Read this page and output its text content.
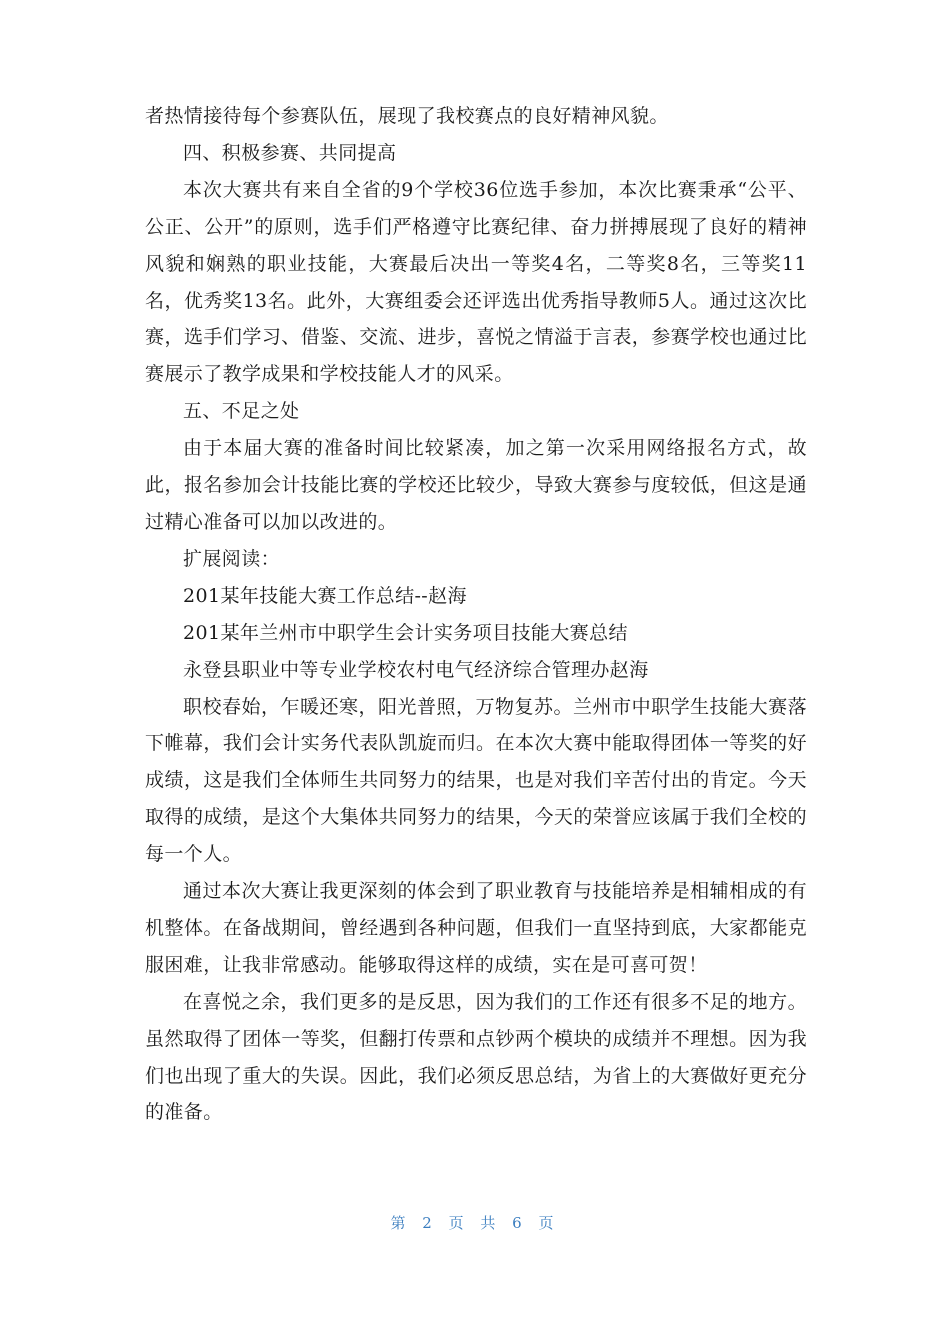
者热情接待每个参赛队伍，展现了我校赛点的良好精神风貌。

四、积极参赛、共同提高

本次大赛共有来自全省的9个学校36位选手参加，本次比赛秉承“公平、公正、公开”的原则，选手们严格遵守比赛纪律、奋力拼搏展现了良好的精神风貌和娴熟的职业技能，大赛最后决出一等奖4名，二等奖8名，三等奖11名，优秀奖13名。此外，大赛组委会还评选出优秀指导教师5人。通过这次比赛，选手们学习、借鉴、交流、进步，喜悦之情溢于言表，参赛学校也通过比赛展示了教学成果和学校技能人才的风采。

五、不足之处

由于本届大赛的准备时间比较紧凑，加之第一次采用网络报名方式，故此，报名参加会计技能比赛的学校还比较少，导致大赛参与度较低，但这是通过精心准备可以加以改进的。

扩展阅读：

201某年技能大赛工作总结--赵海

201某年兰州市中职学生会计实务项目技能大赛总结

永登县职业中等专业学校农村电气经济综合管理办赵海

职校春始，乍暖还寒，阳光普照，万物复苏。兰州市中职学生技能大赛落下帷幕，我们会计实务代表队凯旋而归。在本次大赛中能取得团体一等奖的好成绩，这是我们全体师生共同努力的结果，也是对我们辛苦付出的肯定。今天取得的成绩，是这个大集体共同努力的结果，今天的荣誉应该属于我们全校的每一个人。

通过本次大赛让我更深刻的体会到了职业教育与技能培养是相辅相成的有机整体。在备战期间，曾经遇到各种问题，但我们一直坚持到底，大家都能克服困难，让我非常感动。能够取得这样的成绩，实在是可喜可贺！

在喜悦之余，我们更多的是反思，因为我们的工作还有很多不足的地方。虽然取得了团体一等奖，但翻打传票和点钞两个模块的成绩并不理想。因为我们也出现了重大的失误。因此，我们必须反思总结，为省上的大赛做好更充分的准备。

第 2 页 共 6 页
